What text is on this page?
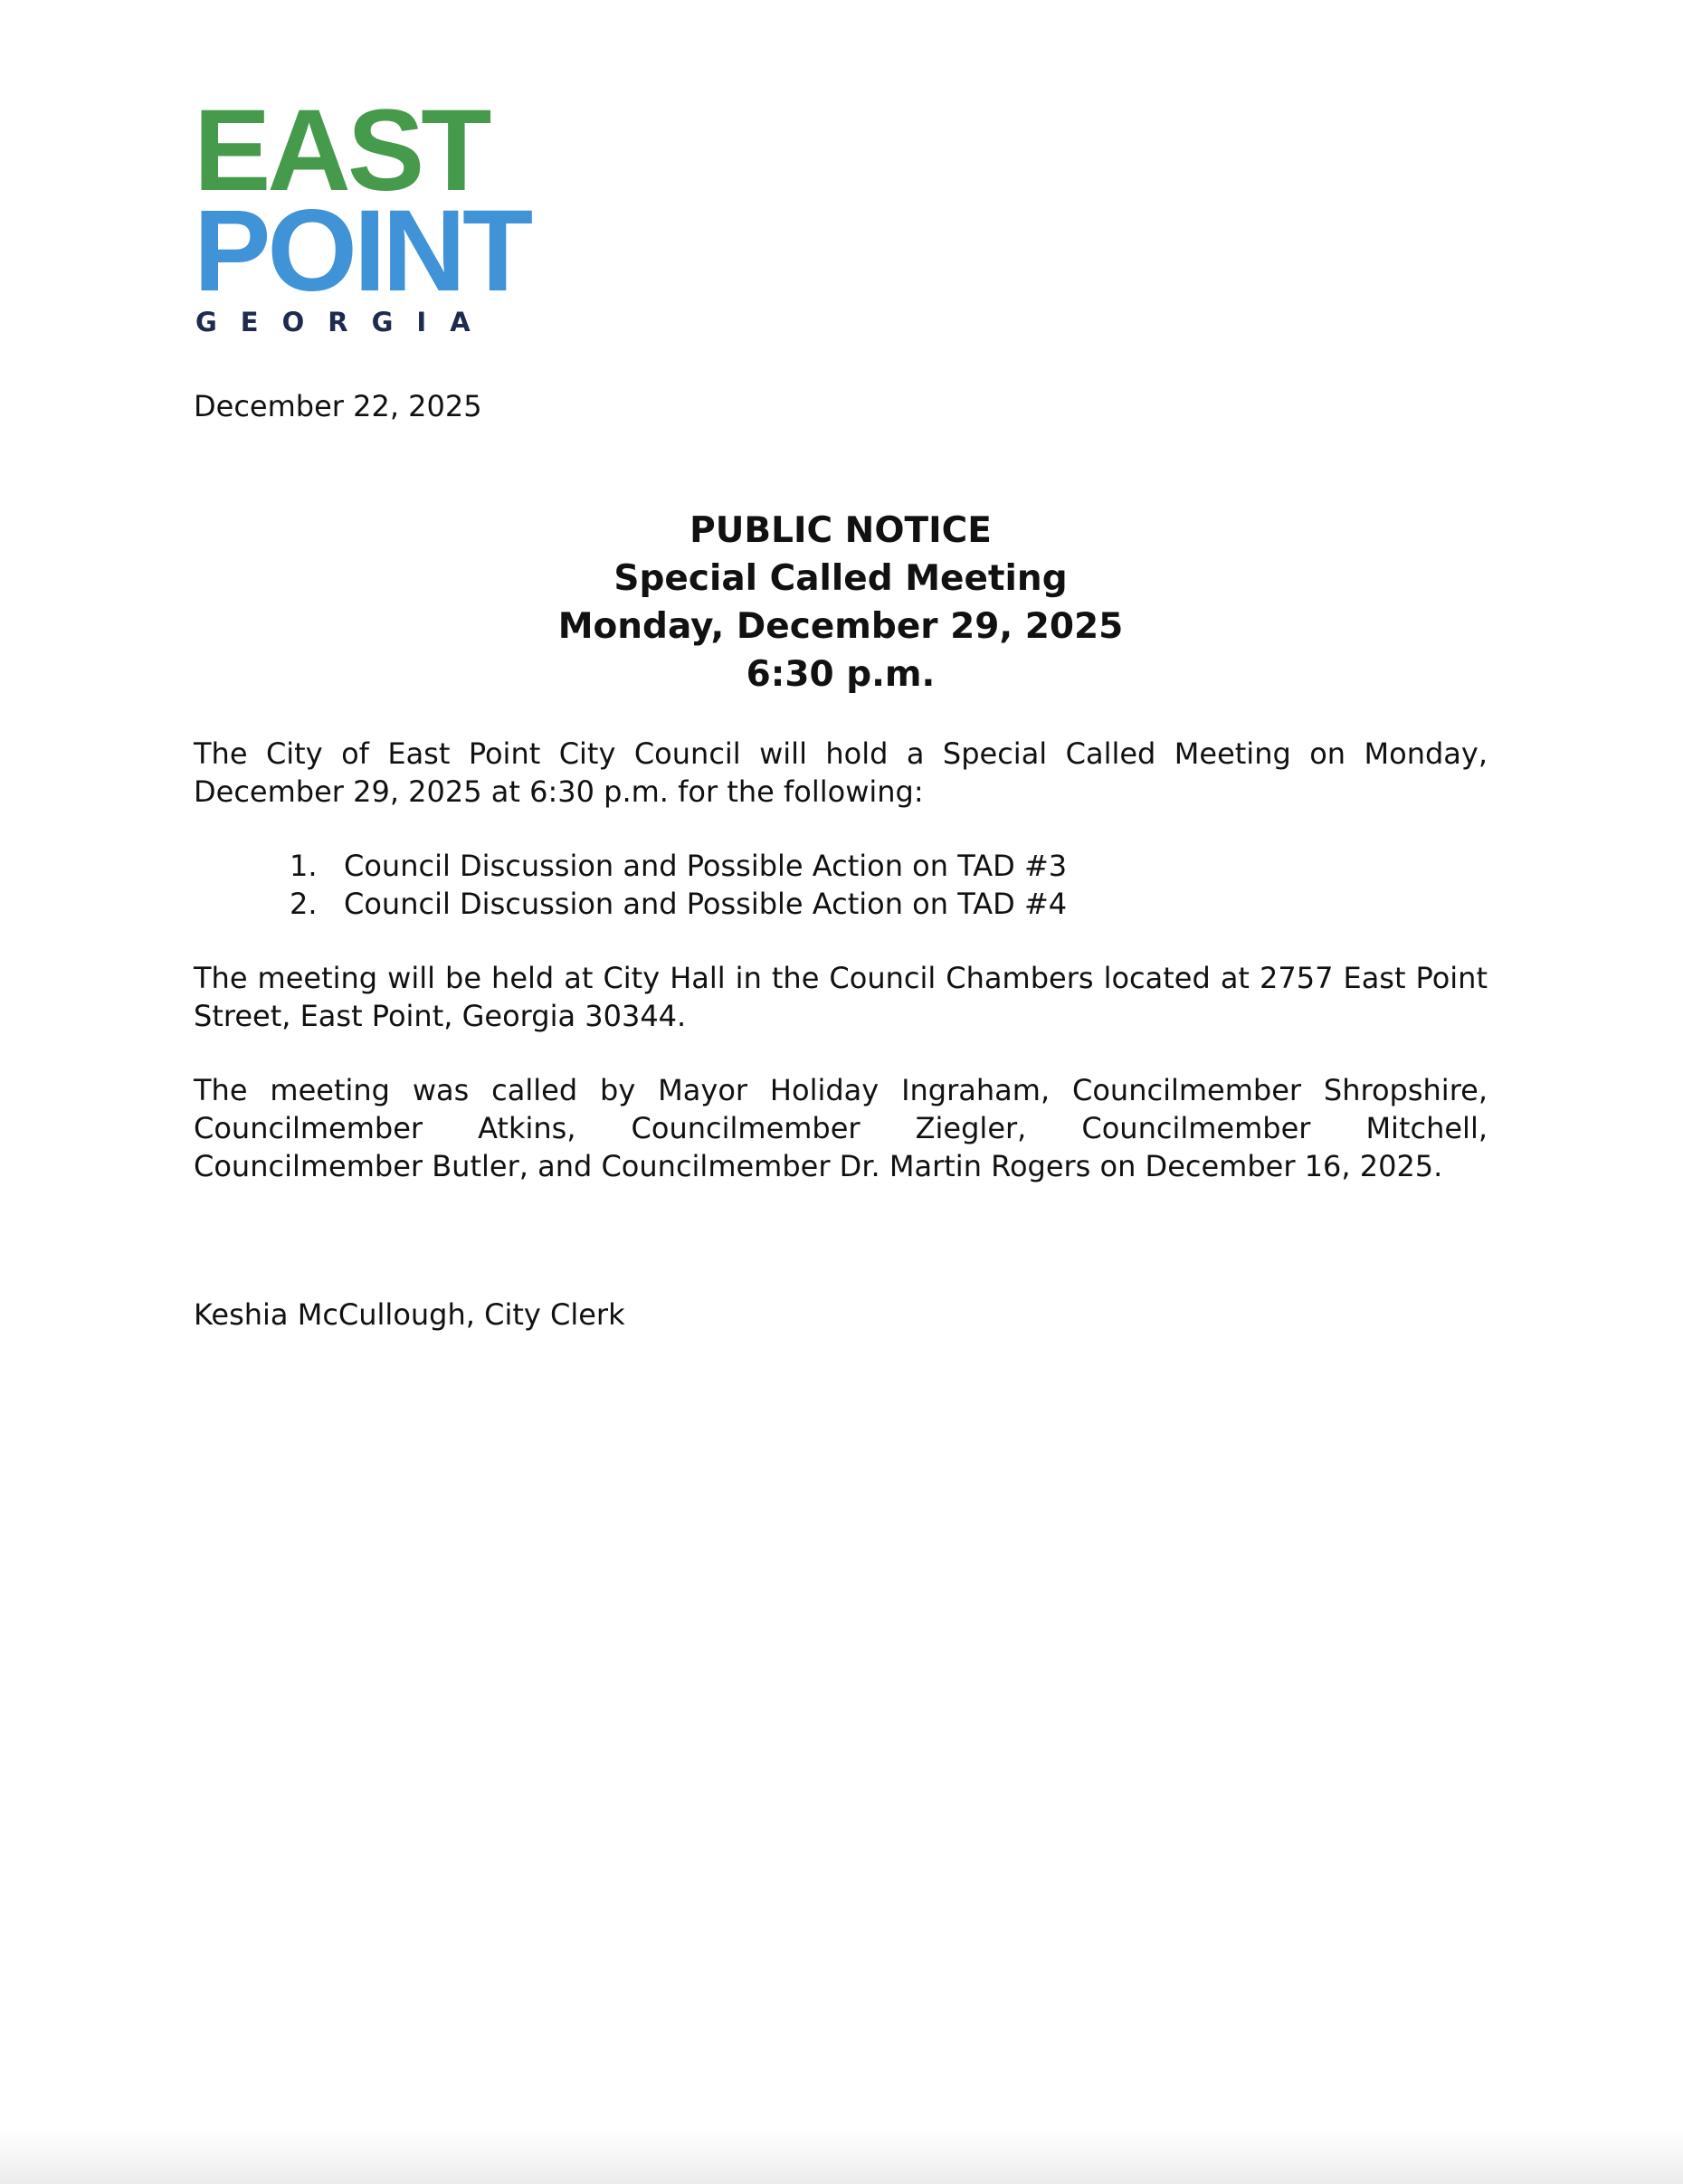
EAST
POINT
GEORGIA
December 22, 2025
PUBLIC NOTICE
Special Called Meeting
Monday, December 29, 2025
6:30 p.m.
The City of East Point City Council will hold a Special Called Meeting on Monday, December 29, 2025 at 6:30 p.m. for the following:
1. Council Discussion and Possible Action on TAD #3
2. Council Discussion and Possible Action on TAD #4
The meeting will be held at City Hall in the Council Chambers located at 2757 East Point Street, East Point, Georgia 30344.
The meeting was called by Mayor Holiday Ingraham, Councilmember Shropshire, Councilmember Atkins, Councilmember Ziegler, Councilmember Mitchell, Councilmember Butler, and Councilmember Dr. Martin Rogers on December 16, 2025.
Keshia McCullough, City Clerk
